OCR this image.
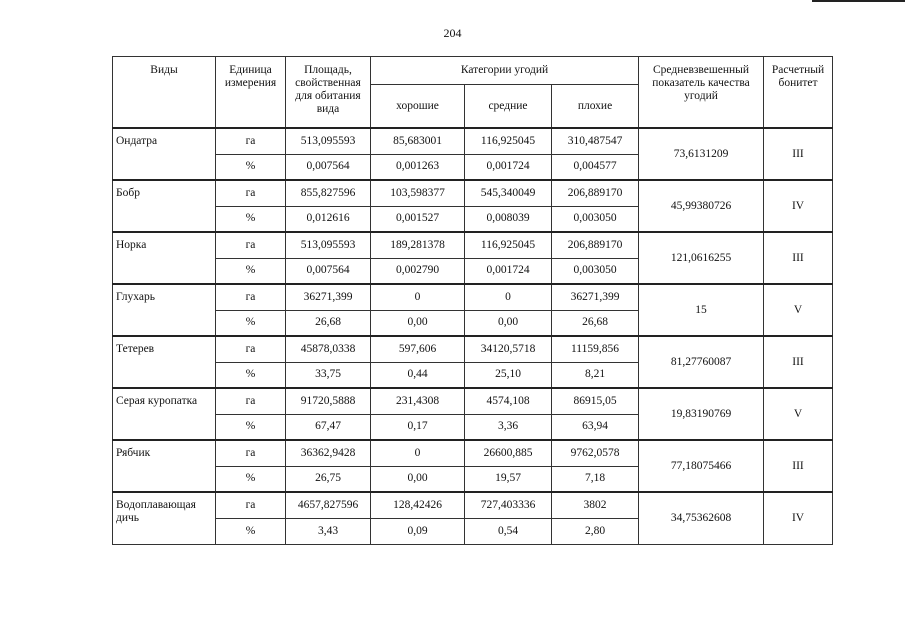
204
Виды	Единица измерения	Площадь, свойственная для обитания вида	Категории угодий			Средневзвешенный показатель качества угодий	Расчетный бонитет
			хорошие	средние	плохие		
Ондатра	га	513,095593	85,683001	116,925045	310,487547	73,6131209	III
	%	0,007564	0,001263	0,001724	0,004577		
Бобр	га	855,827596	103,598377	545,340049	206,889170	45,99380726	IV
	%	0,012616	0,001527	0,008039	0,003050		
Норка	га	513,095593	189,281378	116,925045	206,889170	121,0616255	III
	%	0,007564	0,002790	0,001724	0,003050		
Глухарь	га	36271,399	0	0	36271,399	15	V
	%	26,68	0,00	0,00	26,68		
Тетерев	га	45878,0338	597,606	34120,5718	11159,856	81,27760087	III
	%	33,75	0,44	25,10	8,21		
Серая куропатка	га	91720,5888	231,4308	4574,108	86915,05	19,83190769	V
	%	67,47	0,17	3,36	63,94		
Рябчик	га	36362,9428	0	26600,885	9762,0578	77,18075466	III
	%	26,75	0,00	19,57	7,18		
Водоплавающая дичь	га	4657,827596	128,42426	727,403336	3802	34,75362608	IV
	%	3,43	0,09	0,54	2,80		
